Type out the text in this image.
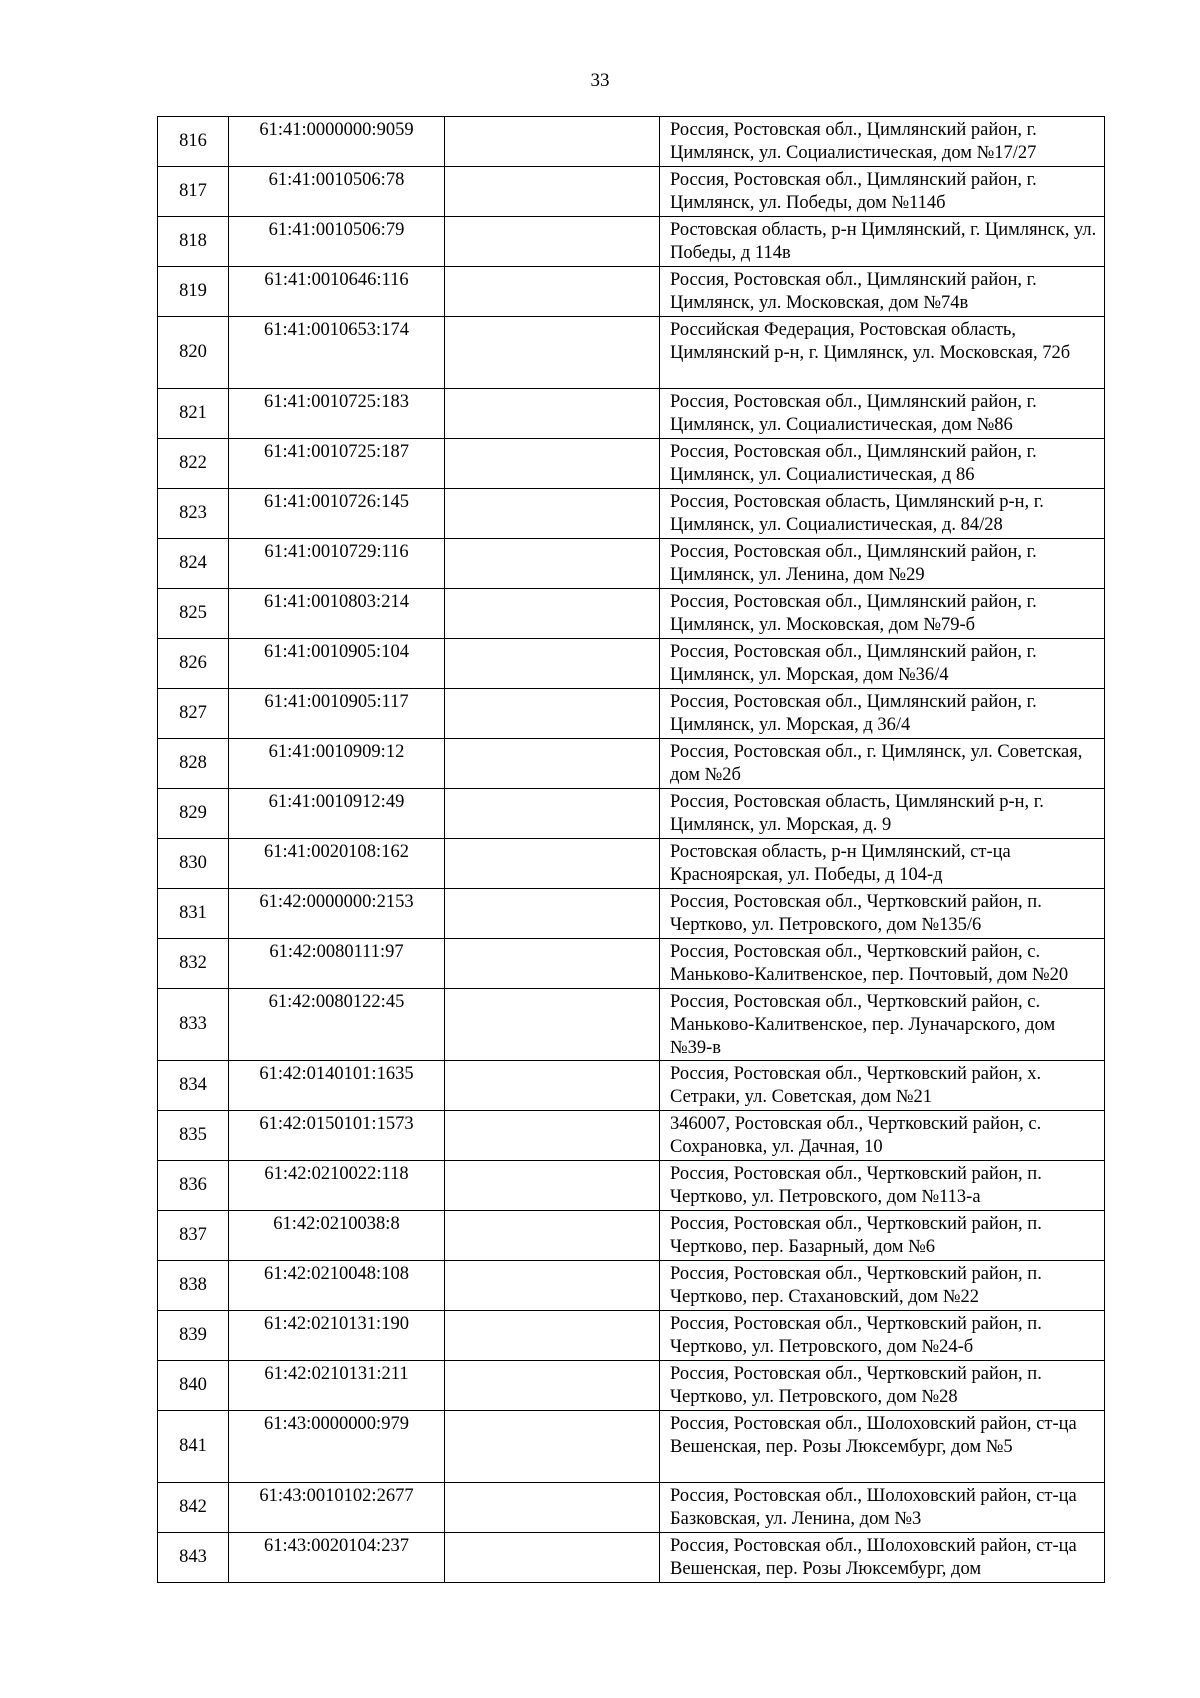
33
816	61:41:0000000:9059		Россия, Ростовская обл., Цимлянский район, г. Цимлянск, ул. Социалистическая, дом №17/27

817	61:41:0010506:78		Россия, Ростовская обл., Цимлянский район, г. Цимлянск, ул. Победы, дом №114б

818	61:41:0010506:79		Ростовская область, р-н Цимлянский, г. Цимлянск, ул. Победы, д 114в

819	61:41:0010646:116		Россия, Ростовская обл., Цимлянский район, г. Цимлянск, ул. Московская, дом №74в

820	61:41:0010653:174		Российская Федерация, Ростовская область, Цимлянский р-н, г. Цимлянск, ул. Московская, 72б

821	61:41:0010725:183		Россия, Ростовская обл., Цимлянский район, г. Цимлянск, ул. Социалистическая, дом №86

822	61:41:0010725:187		Россия, Ростовская обл., Цимлянский район, г. Цимлянск, ул. Социалистическая, д 86

823	61:41:0010726:145		Россия, Ростовская область, Цимлянский р-н, г. Цимлянск, ул. Социалистическая, д. 84/28

824	61:41:0010729:116		Россия, Ростовская обл., Цимлянский район, г. Цимлянск, ул. Ленина, дом №29

825	61:41:0010803:214		Россия, Ростовская обл., Цимлянский район, г. Цимлянск, ул. Московская, дом №79-б

826	61:41:0010905:104		Россия, Ростовская обл., Цимлянский район, г. Цимлянск, ул. Морская, дом №36/4

827	61:41:0010905:117		Россия, Ростовская обл., Цимлянский район, г. Цимлянск, ул. Морская, д 36/4

828	61:41:0010909:12		Россия, Ростовская обл., г. Цимлянск, ул. Советская, дом №2б

829	61:41:0010912:49		Россия, Ростовская область, Цимлянский р-н, г. Цимлянск, ул. Морская, д. 9

830	61:41:0020108:162		Ростовская область, р-н Цимлянский, ст-ца Красноярская, ул. Победы, д 104-д

831	61:42:0000000:2153		Россия, Ростовская обл., Чертковский район, п. Чертково, ул. Петровского, дом №135/6

832	61:42:0080111:97		Россия, Ростовская обл., Чертковский район, с. Маньково-Калитвенское, пер. Почтовый, дом №20

833	61:42:0080122:45		Россия, Ростовская обл., Чертковский район, с. Маньково-Калитвенское, пер. Луначарского, дом №39-в

834	61:42:0140101:1635		Россия, Ростовская обл., Чертковский район, х. Сетраки, ул. Советская, дом №21

835	61:42:0150101:1573		346007, Ростовская обл., Чертковский район, с. Сохрановка, ул. Дачная, 10

836	61:42:0210022:118		Россия, Ростовская обл., Чертковский район, п. Чертково, ул. Петровского, дом №113-а

837	61:42:0210038:8		Россия, Ростовская обл., Чертковский район, п. Чертково, пер. Базарный, дом №6

838	61:42:0210048:108		Россия, Ростовская обл., Чертковский район, п. Чертково, пер. Стахановский, дом №22

839	61:42:0210131:190		Россия, Ростовская обл., Чертковский район, п. Чертково, ул. Петровского, дом №24-б

840	61:42:0210131:211		Россия, Ростовская обл., Чертковский район, п. Чертково, ул. Петровского, дом №28

841	61:43:0000000:979		Россия, Ростовская обл., Шолоховский район, ст-ца Вешенская, пер. Розы Люксембург, дом №5

842	61:43:0010102:2677		Россия, Ростовская обл., Шолоховский район, ст-ца Базковская, ул. Ленина, дом №3

843	61:43:0020104:237		Россия, Ростовская обл., Шолоховский район, ст-ца Вешенская, пер. Розы Люксембург, дом
